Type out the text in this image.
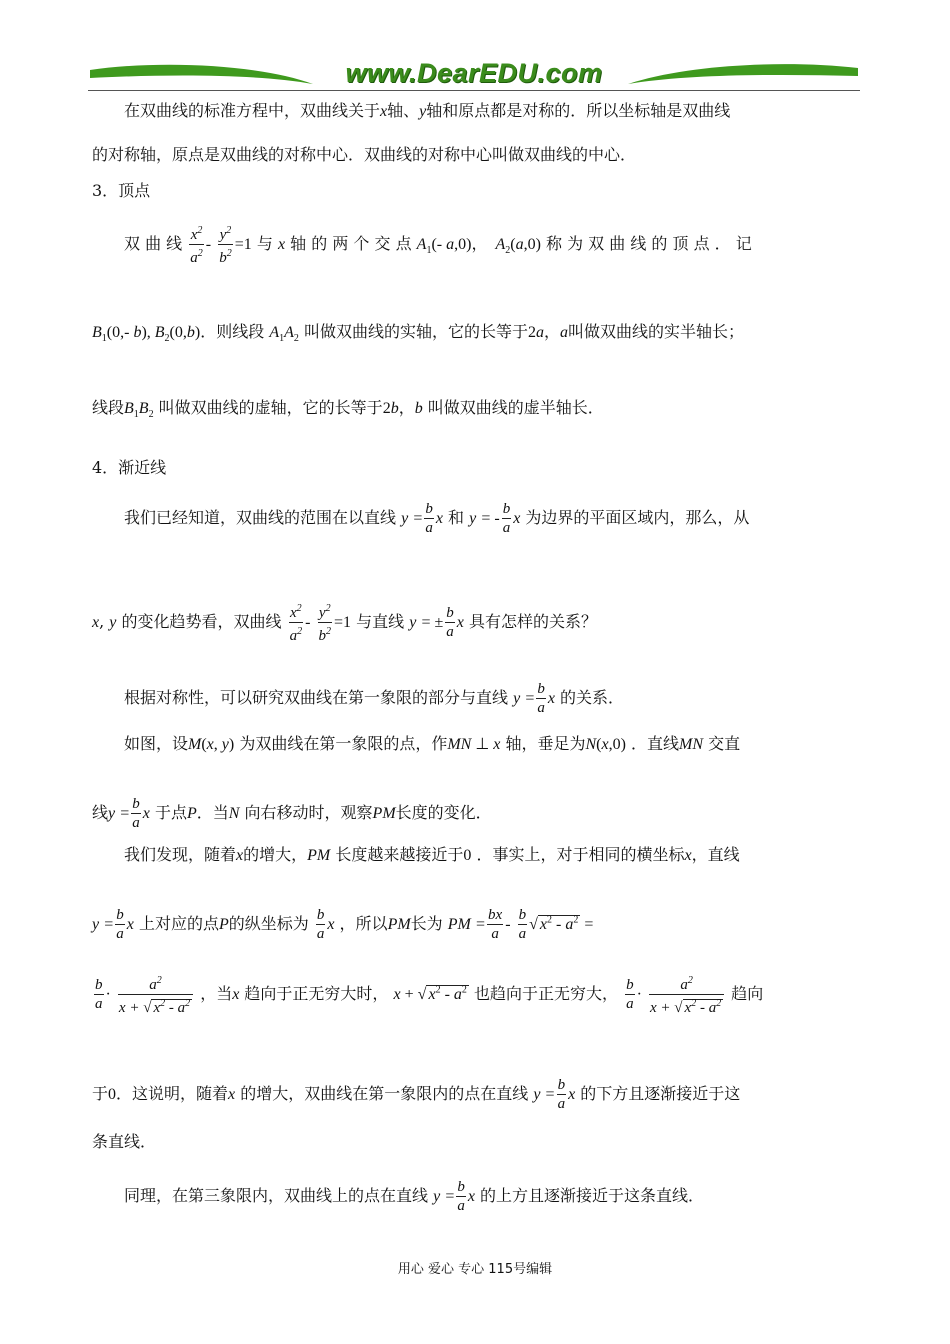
www.DearEDU.com
在双曲线的标准方程中，双曲线关于x轴、y轴和原点都是对称的．所以坐标轴是双曲线
的对称轴，原点是双曲线的对称中心．双曲线的对称中心叫做双曲线的中心．
3．顶点
双 曲 线 $\frac{x^2}{a^2} - \frac{y^2}{b^2} =1$ 与 x 轴 的 两 个 交 点 $A_1(-$ a,0)，  $A_2(a,0)$ 称 为 双 曲 线 的 顶 点 ． 记
$B_1(0,-$ b), $B_2(0,b)$．则线段 $A_1A_2$ 叫做双曲线的实轴，它的长等于2a，a叫做双曲线的实半轴长；
线段$B_1B_2$ 叫做双曲线的虚轴，它的长等于2b，b 叫做双曲线的虚半轴长．
4．渐近线
我们已经知道，双曲线的范围在以直线 $y = \frac{b}{a}$ x 和 y = - $\frac{b}{a}$ x 为边界的平面区域内，那么，从
x, y 的变化趋势看，双曲线 $\frac{x^2}{a^2} - \frac{y^2}{b^2} =1$ 与直线 y = ± $\frac{b}{a}$ x 具有怎样的关系？
根据对称性，可以研究双曲线在第一象限的部分与直线 $y = \frac{b}{a}$ x 的关系．
如图，设M(x, y) 为双曲线在第一象限的点，作MN ⊥ x 轴，垂足为N(x,0) ．直线MN 交直
线$y = \frac{b}{a}$ x 于点P．当N 向右移动时，观察PM长度的变化．
我们发现，随着x的增大，PM 长度越来越接近于0 ．事实上，对于相同的横坐标x，直线
$y = \frac{b}{a}$ x 上对应的点P的纵坐标为 $\frac{b}{a}$ x ，所以PM长为 PM = $\frac{bx}{a} - \frac{b}{a}$ √ $x^2 - a^2$ =
$\frac{b}{a} \cdot \frac{a^2}{x + √ x^2 - a^2}$ ，当x 趋向于正无穷大时， x + √ $x^2 - a^2$ 也趋向于正无穷大， $\frac{b}{a} \cdot \frac{a^2}{x + √ x^2 - a^2}$ 趋向
于0．这说明，随着x 的增大，双曲线在第一象限内的点在直线 $y = \frac{b}{a}$ x 的下方且逐渐接近于这
条直线．
同理，在第三象限内，双曲线上的点在直线 $y = \frac{b}{a}$ x 的上方且逐渐接近于这条直线．
用心 爱心 专心 115号编辑
